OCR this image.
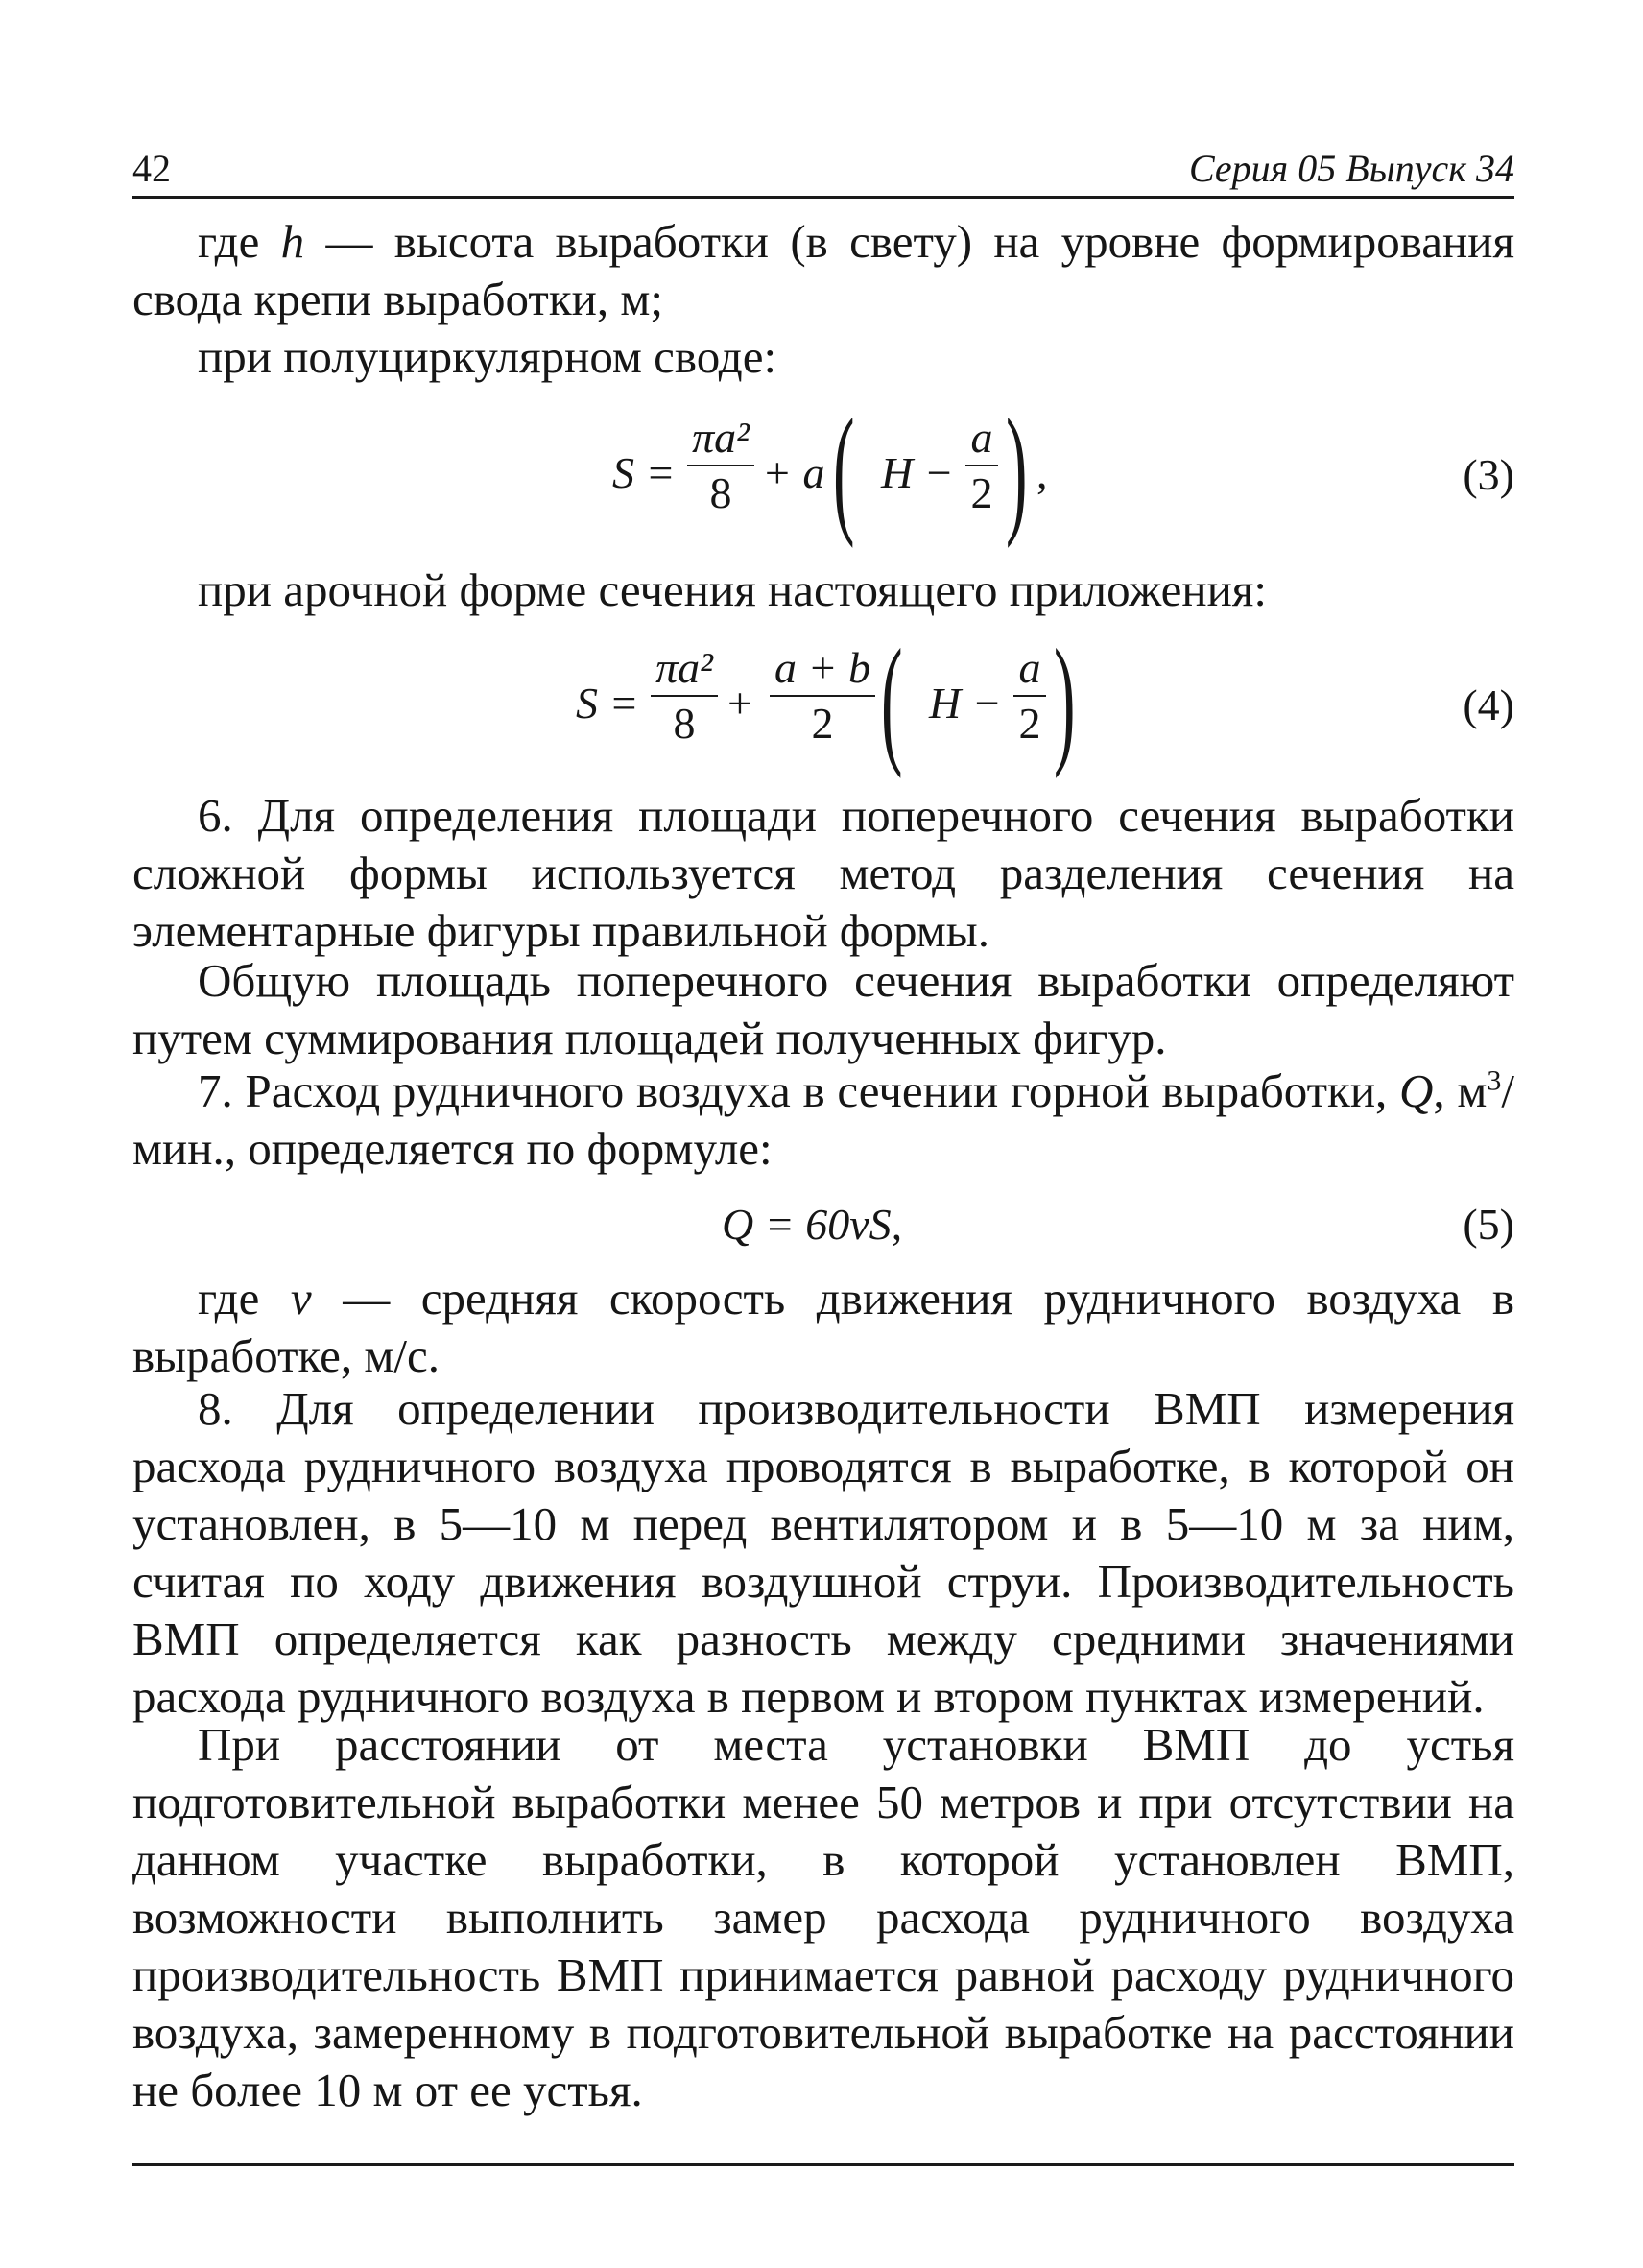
42	Серия 05 Выпуск 34

где h — высота выработки (в свету) на уровне формирования свода крепи выработки, м;

при полуциркулярном своде:

S =
πa²
8 + a ( H −
a
2 ) ,	(3)

при арочной форме сечения настоящего приложения:

S =
πa²
8 +
a + b
2 ( H −
a
2 )	(4)

6. Для определения площади поперечного сечения выработки сложной формы используется метод разделения сечения на элементарные фигуры правильной формы.

Общую площадь поперечного сечения выработки определяют путем суммирования площадей полученных фигур.

7. Расход рудничного воздуха в сечении горной выработки, Q, $м^3$/мин., определяется по формуле:

Q = 60vS,	(5)

где v — средняя скорость движения рудничного воздуха в выработке, м/с.

8. Для определении производительности ВМП измерения расхода рудничного воздуха проводятся в выработке, в которой он установлен, в 5—10 м перед вентилятором и в 5—10 м за ним, считая по ходу движения воздушной струи. Производительность ВМП определяется как разность между средними значениями расхода рудничного воздуха в первом и втором пунктах измерений.

При расстоянии от места установки ВМП до устья подготовительной выработки менее 50 метров и при отсутствии на данном участке выработки, в которой установлен ВМП, возможности выполнить замер расхода рудничного воздуха производительность ВМП принимается равной расходу рудничного воздуха, замеренному в подготовительной выработке на расстоянии не более 10 м от ее устья.
